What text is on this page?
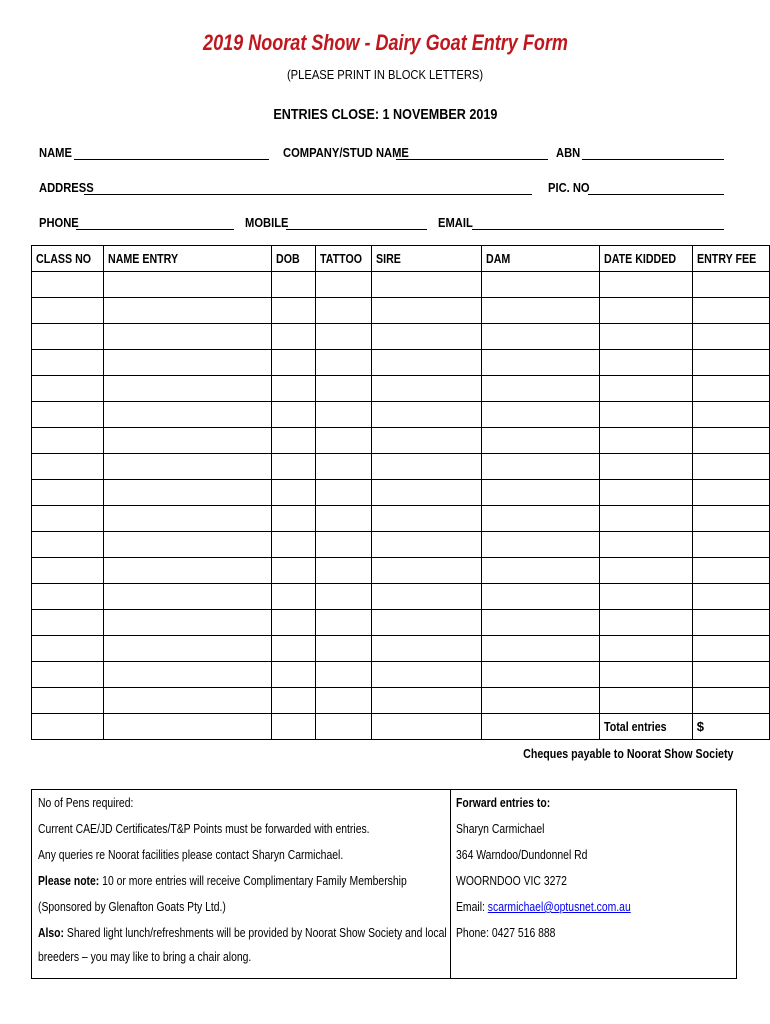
2019 Noorat Show - Dairy Goat Entry Form
(PLEASE PRINT IN BLOCK LETTERS)
ENTRIES CLOSE: 1 NOVEMBER 2019
NAME	COMPANY/STUD NAME	ABN
ADDRESS	PIC. NO
PHONE	MOBILE	EMAIL
CLASS NO	NAME ENTRY	DOB	TATTOO	SIRE	DAM	DATE KIDDED	ENTRY FEE

						Total entries	$
Cheques payable to Noorat Show Society
No of Pens required:
Current CAE/JD Certificates/T&P Points must be forwarded with entries.
Any queries re Noorat facilities please contact Sharyn Carmichael.
Please note: 10 or more entries will receive Complimentary Family Membership
(Sponsored by Glenafton Goats Pty Ltd.)
Also: Shared light lunch/refreshments will be provided by Noorat Show Society and local
breeders – you may like to bring a chair along.
Forward entries to:
Sharyn Carmichael
364 Warndoo/Dundonnel Rd
WOORNDOO VIC 3272
Email: scarmichael@optusnet.com.au
Phone: 0427 516 888
